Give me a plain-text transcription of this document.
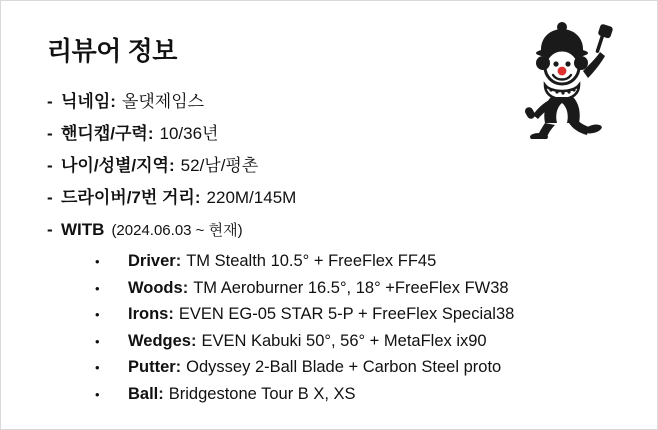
리뷰어 정보
- 닉네임 : 올댓제임스
- 핸디캡/구력 : 10/36년
- 나이/성별/지역 : 52/남/평촌
- 드라이버/7번 거리 : 220M/145M
- WITB (2024.06.03 ~ 현재)
•	Driver : TM Stealth 10.5° + FreeFlex FF45
•	Woods : TM Aeroburner 16.5°, 18° +FreeFlex FW38
•	Irons : EVEN EG-05 STAR 5-P + FreeFlex Special38
•	Wedges : EVEN Kabuki 50°, 56° + MetaFlex ix90
•	Putter : Odyssey 2-Ball Blade + Carbon Steel proto
•	Ball : Bridgestone Tour B X, XS
